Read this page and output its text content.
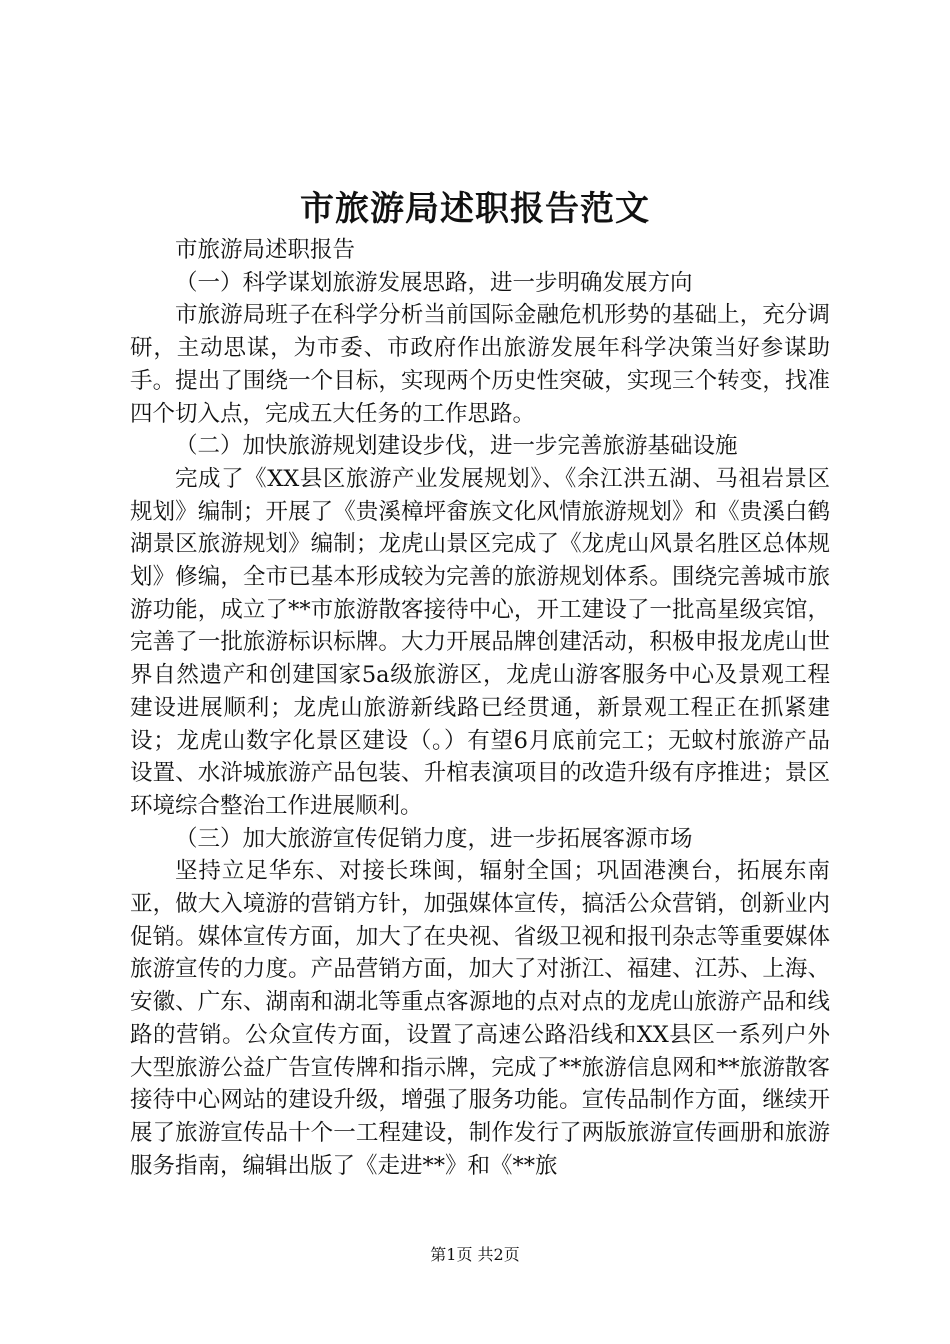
市旅游局述职报告范文

市旅游局述职报告

（一）科学谋划旅游发展思路，进一步明确发展方向

市旅游局班子在科学分析当前国际金融危机形势的基础上，充分调研，主动思谋，为市委、市政府作出旅游发展年科学决策当好参谋助手。提出了围绕一个目标，实现两个历史性突破，实现三个转变，找准四个切入点，完成五大任务的工作思路。

（二）加快旅游规划建设步伐，进一步完善旅游基础设施

完成了《XX县区旅游产业发展规划》、《余江洪五湖、马祖岩景区规划》编制；开展了《贵溪樟坪畲族文化风情旅游规划》和《贵溪白鹤湖景区旅游规划》编制；龙虎山景区完成了《龙虎山风景名胜区总体规划》修编，全市已基本形成较为完善的旅游规划体系。围绕完善城市旅游功能，成立了**市旅游散客接待中心，开工建设了一批高星级宾馆，完善了一批旅游标识标牌。大力开展品牌创建活动，积极申报龙虎山世界自然遗产和创建国家5a级旅游区，龙虎山游客服务中心及景观工程建设进展顺利；龙虎山旅游新线路已经贯通，新景观工程正在抓紧建设；龙虎山数字化景区建设（。）有望6月底前完工；无蚊村旅游产品设置、水浒城旅游产品包装、升棺表演项目的改造升级有序推进；景区环境综合整治工作进展顺利。

（三）加大旅游宣传促销力度，进一步拓展客源市场

坚持立足华东、对接长珠闽，辐射全国；巩固港澳台，拓展东南亚，做大入境游的营销方针，加强媒体宣传，搞活公众营销，创新业内促销。媒体宣传方面，加大了在央视、省级卫视和报刊杂志等重要媒体旅游宣传的力度。产品营销方面，加大了对浙江、福建、江苏、上海、安徽、广东、湖南和湖北等重点客源地的点对点的龙虎山旅游产品和线路的营销。公众宣传方面，设置了高速公路沿线和XX县区一系列户外大型旅游公益广告宣传牌和指示牌，完成了**旅游信息网和**旅游散客接待中心网站的建设升级，增强了服务功能。宣传品制作方面，继续开展了旅游宣传品十个一工程建设，制作发行了两版旅游宣传画册和旅游服务指南，编辑出版了《走进**》和《**旅

第1页 共2页
